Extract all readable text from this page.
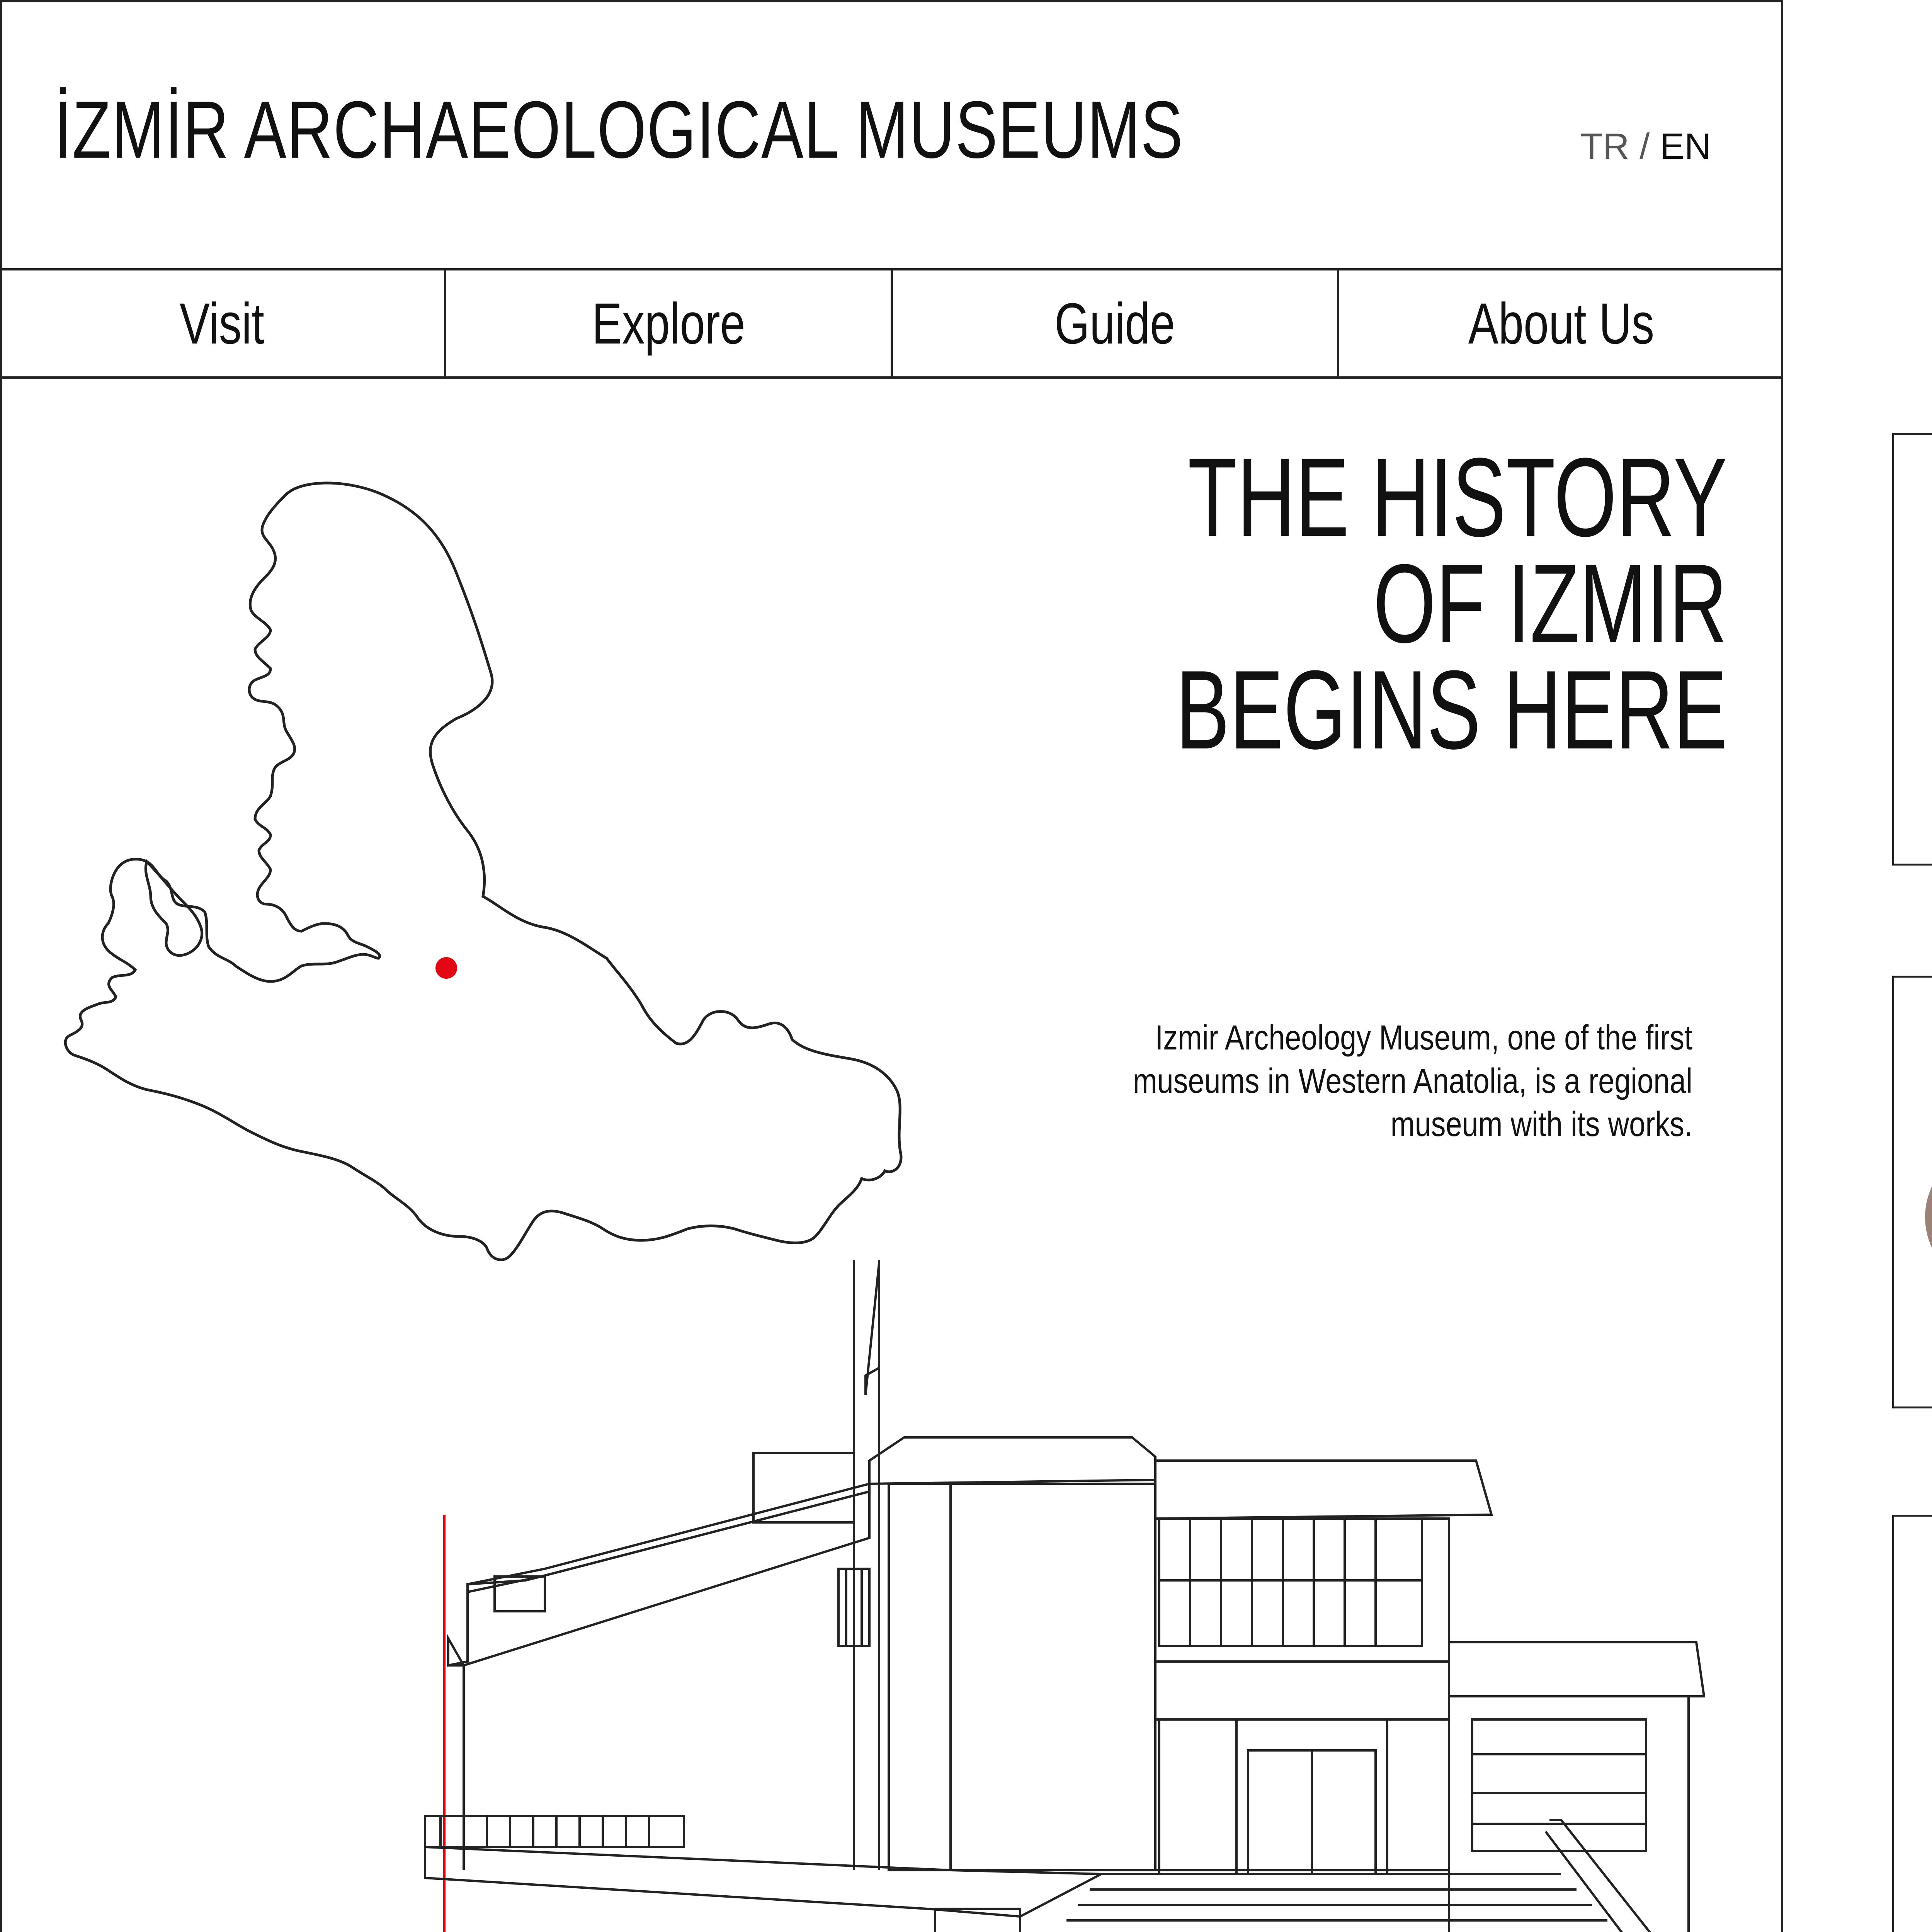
İZMİR ARCHAEOLOGICAL MUSEUMS	TR / EN
Visit	Explore	Guide	About Us
THE HISTORY
OF IZMIR
BEGINS HERE
Izmir Archeology Museum, one of the first museums in Western Anatolia, is a regional museum with its works.
